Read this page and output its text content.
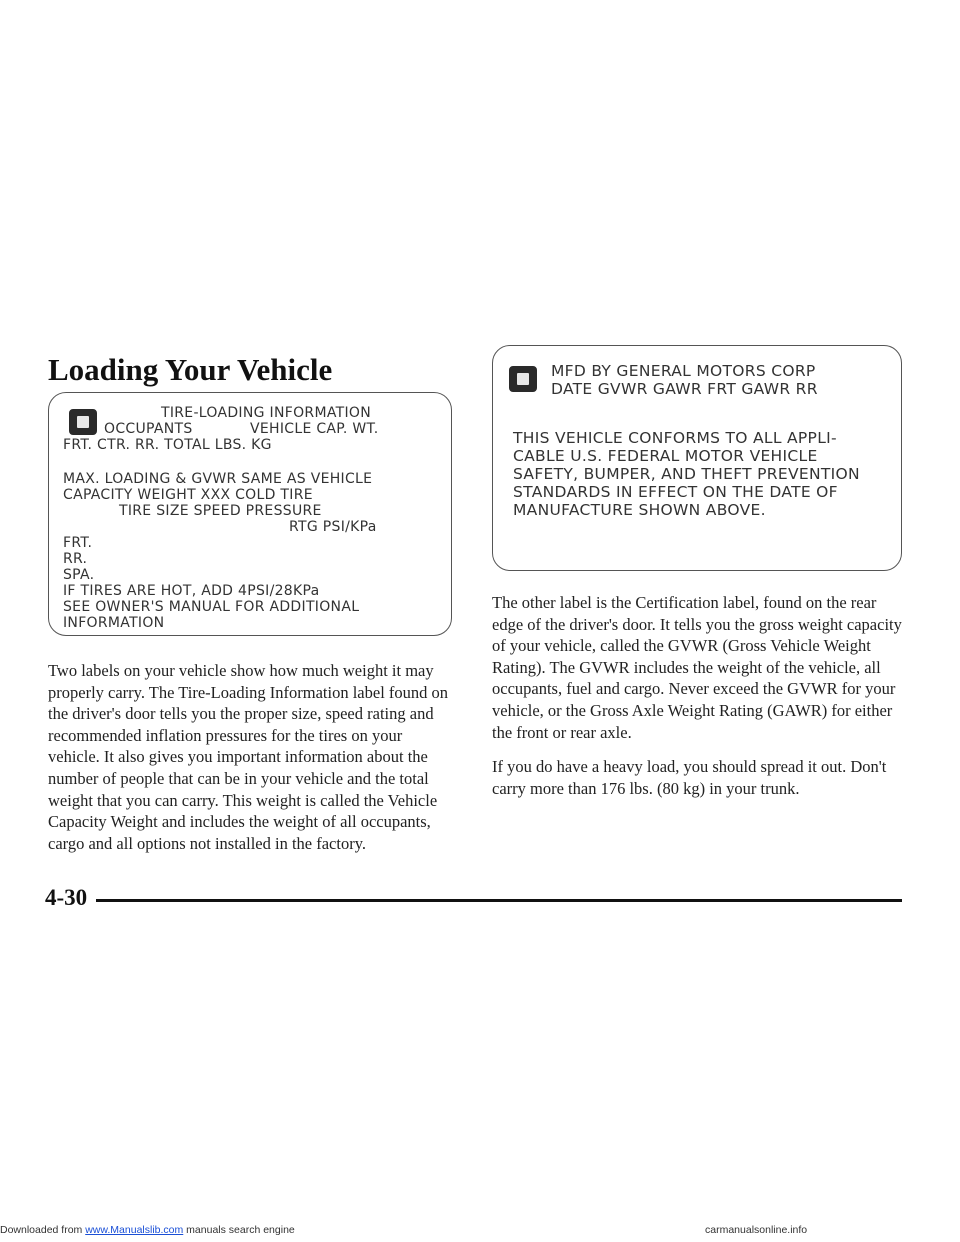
Loading Your Vehicle
TIRE-LOADING INFORMATION
OCCUPANTS	VEHICLE CAP. WT.
FRT. CTR. RR. TOTAL LBS. KG
MAX. LOADING & GVWR SAME AS VEHICLE
CAPACITY WEIGHT XXX COLD TIRE
TIRE SIZE SPEED PRESSURE
RTG PSI/KPa
FRT.
RR.
SPA.
IF TIRES ARE HOT, ADD 4PSI/28KPa
SEE OWNER'S MANUAL FOR ADDITIONAL
INFORMATION
MFD BY GENERAL MOTORS CORP
DATE GVWR GAWR FRT GAWR RR
THIS VEHICLE CONFORMS TO ALL APPLI-
CABLE U.S. FEDERAL MOTOR VEHICLE
SAFETY, BUMPER, AND THEFT PREVENTION
STANDARDS IN EFFECT ON THE DATE OF
MANUFACTURE SHOWN ABOVE.

Two labels on your vehicle show how much weight it may properly carry. The Tire-Loading Information label found on the driver's door tells you the proper size, speed rating and recommended inflation pressures for the tires on your vehicle. It also gives you important information about the number of people that can be in your vehicle and the total weight that you can carry. This weight is called the Vehicle Capacity Weight and includes the weight of all occupants, cargo and all options not installed in the factory.

The other label is the Certification label, found on the rear edge of the driver's door. It tells you the gross weight capacity of your vehicle, called the GVWR (Gross Vehicle Weight Rating). The GVWR includes the weight of the vehicle, all occupants, fuel and cargo. Never exceed the GVWR for your vehicle, or the Gross Axle Weight Rating (GAWR) for either the front or rear axle.

If you do have a heavy load, you should spread it out. Don't carry more than 176 lbs. (80 kg) in your trunk.

4-30
Downloaded from www.Manualslib.com manuals search engine	carmanualsonline.info
